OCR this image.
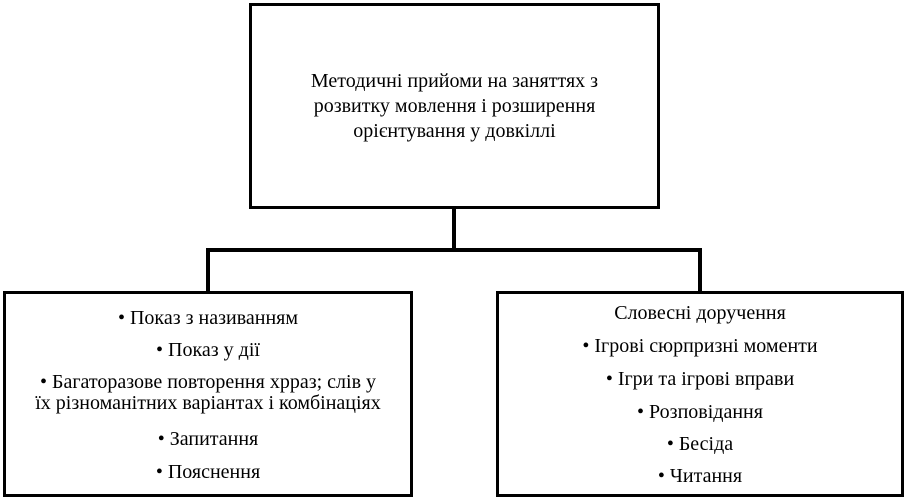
Методичні прийоми на заняттях з
розвитку мовлення і розширення
орієнтування у довкіллі
• Показ з називанням
• Показ у дії
• Багаторазове повторення хрраз; слів у
їх різноманітних варіантах і комбінаціях
• Запитання
• Пояснення
Словесні доручення
• Ігрові сюрпризні моменти
• Ігри та ігрові вправи
• Розповідання
• Бесіда
• Читання
